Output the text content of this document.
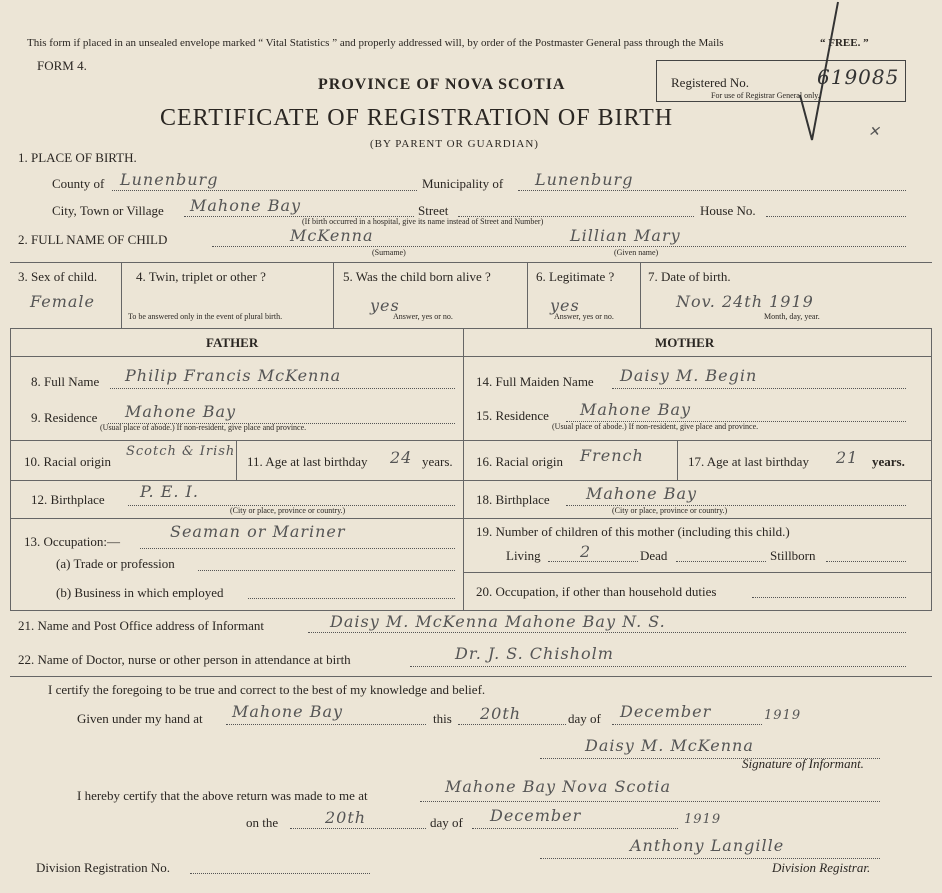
This form if placed in an unsealed envelope marked “ Vital Statistics ” and properly addressed will, by order of the Postmaster General pass through the Mails	“ FREE. ”
FORM 4.
PROVINCE OF NOVA SCOTIA
CERTIFICATE OF REGISTRATION OF BIRTH
(BY PARENT OR GUARDIAN)
Registered No.	619085
For use of Registrar General only.
✕
1. PLACE OF BIRTH.
County of Lunenburg	Municipality of Lunenburg
City, Town or Village Mahone Bay	Street	House No.
(If birth occurred in a hospital, give its name instead of Street and Number)
2. FULL NAME OF CHILD	McKenna	Lillian Mary
(Surname)	(Given name)
3. Sex of child.
Female
4. Twin, triplet or other ?
To be answered only in the event of plural birth.
5. Was the child born alive ?
yes
Answer, yes or no.
6. Legitimate ?
yes
Answer, yes or no.
7. Date of birth.
Nov. 24th 1919
Month, day, year.
FATHER	MOTHER
8. Full Name Philip Francis McKenna
9. Residence Mahone Bay
(Usual place of abode.) If non-resident, give place and province.
10. Racial origin
Scotch & Irish
11. Age at last birthday 24 years.
12. Birthplace P. E. I.
(City or place, province or country.)
13. Occupation:—
Seaman or Mariner
(a) Trade or profession
(b) Business in which employed
14. Full Maiden Name Daisy M. Begin
15. Residence Mahone Bay
(Usual place of abode.) If non-resident, give place and province.
16. Racial origin French	17. Age at last birthday 21 years.
18. Birthplace Mahone Bay
(City or place, province or country.)
19. Number of children of this mother (including this child.)
Living 2	Dead	Stillborn
20. Occupation, if other than household duties
21. Name and Post Office address of Informant	Daisy M. McKenna Mahone Bay N. S.
22. Name of Doctor, nurse or other person in attendance at birth	Dr. J. S. Chisholm
I certify the foregoing to be true and correct to the best of my knowledge and belief.
Given under my hand at Mahone Bay	this 20th	day of December	1919
Daisy M. McKenna
Signature of Informant.
I hereby certify that the above return was made to me at	Mahone Bay Nova Scotia
on the	20th	day of December	1919
Division Registration No.
Anthony Langille
Division Registrar.
